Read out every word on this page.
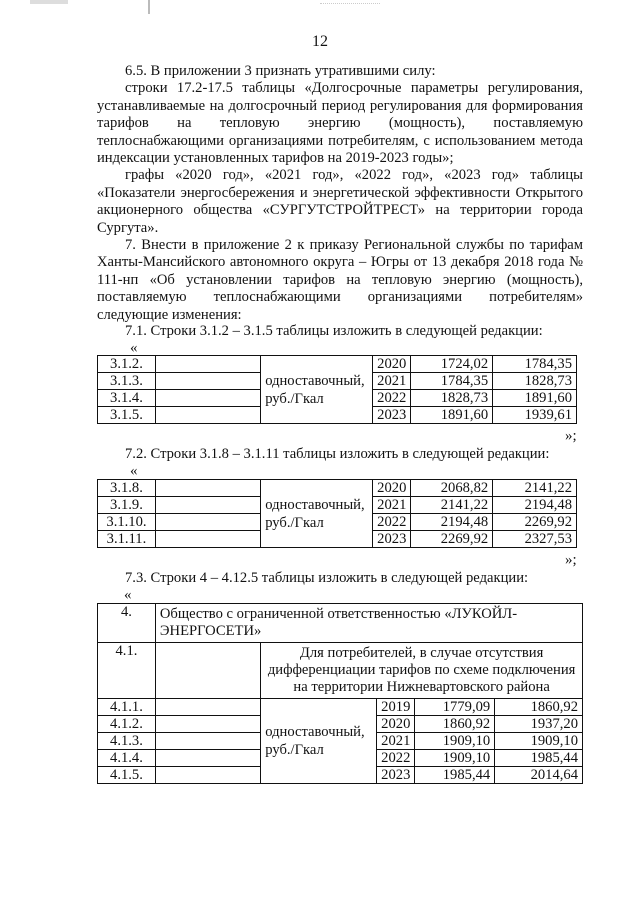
12

6.5. В приложении 3 признать утратившими силу:

строки 17.2-17.5 таблицы «Долгосрочные параметры регулирования, устанавливаемые на долгосрочный период регулирования для формирования тарифов на тепловую энергию (мощность), поставляемую теплоснабжающими организациями потребителям, с использованием метода индексации установленных тарифов на 2019-2023 годы»;

графы «2020 год», «2021 год», «2022 год», «2023 год» таблицы «Показатели энергосбережения и энергетической эффективности Открытого акционерного общества «СУРГУТСТРОЙТРЕСТ» на территории города Сургута».

7. Внести в приложение 2 к приказу Региональной службы по тарифам Ханты-Мансийского автономного округа – Югры от 13 декабря 2018 года № 111-нп «Об установлении тарифов на тепловую энергию (мощность), поставляемую теплоснабжающими организациями потребителям» следующие изменения:

7.1. Строки 3.1.2 – 3.1.5 таблицы изложить в следующей редакции:

«
3.1.2.		одноставочный, руб./Гкал	2020	1724,02	1784,35
3.1.3.			2021	1784,35	1828,73
3.1.4.			2022	1828,73	1891,60
3.1.5.			2023	1891,60	1939,61
»;

7.2. Строки 3.1.8 – 3.1.11 таблицы изложить в следующей редакции:

«
3.1.8.		одноставочный, руб./Гкал	2020	2068,82	2141,22
3.1.9.			2021	2141,22	2194,48
3.1.10.			2022	2194,48	2269,92
3.1.11.			2023	2269,92	2327,53
»;

7.3. Строки 4 – 4.12.5 таблицы изложить в следующей редакции:

«
4.	Общество с ограниченной ответственностью «ЛУКОЙЛ-ЭНЕРГОСЕТИ»				
4.1.		Для потребителей, в случае отсутствия дифференциации тарифов по схеме подключения на территории Нижневартовского района			
4.1.1.		одноставочный, руб./Гкал	2019	1779,09	1860,92
4.1.2.			2020	1860,92	1937,20
4.1.3.			2021	1909,10	1909,10
4.1.4.			2022	1909,10	1985,44
4.1.5.			2023	1985,44	2014,64
